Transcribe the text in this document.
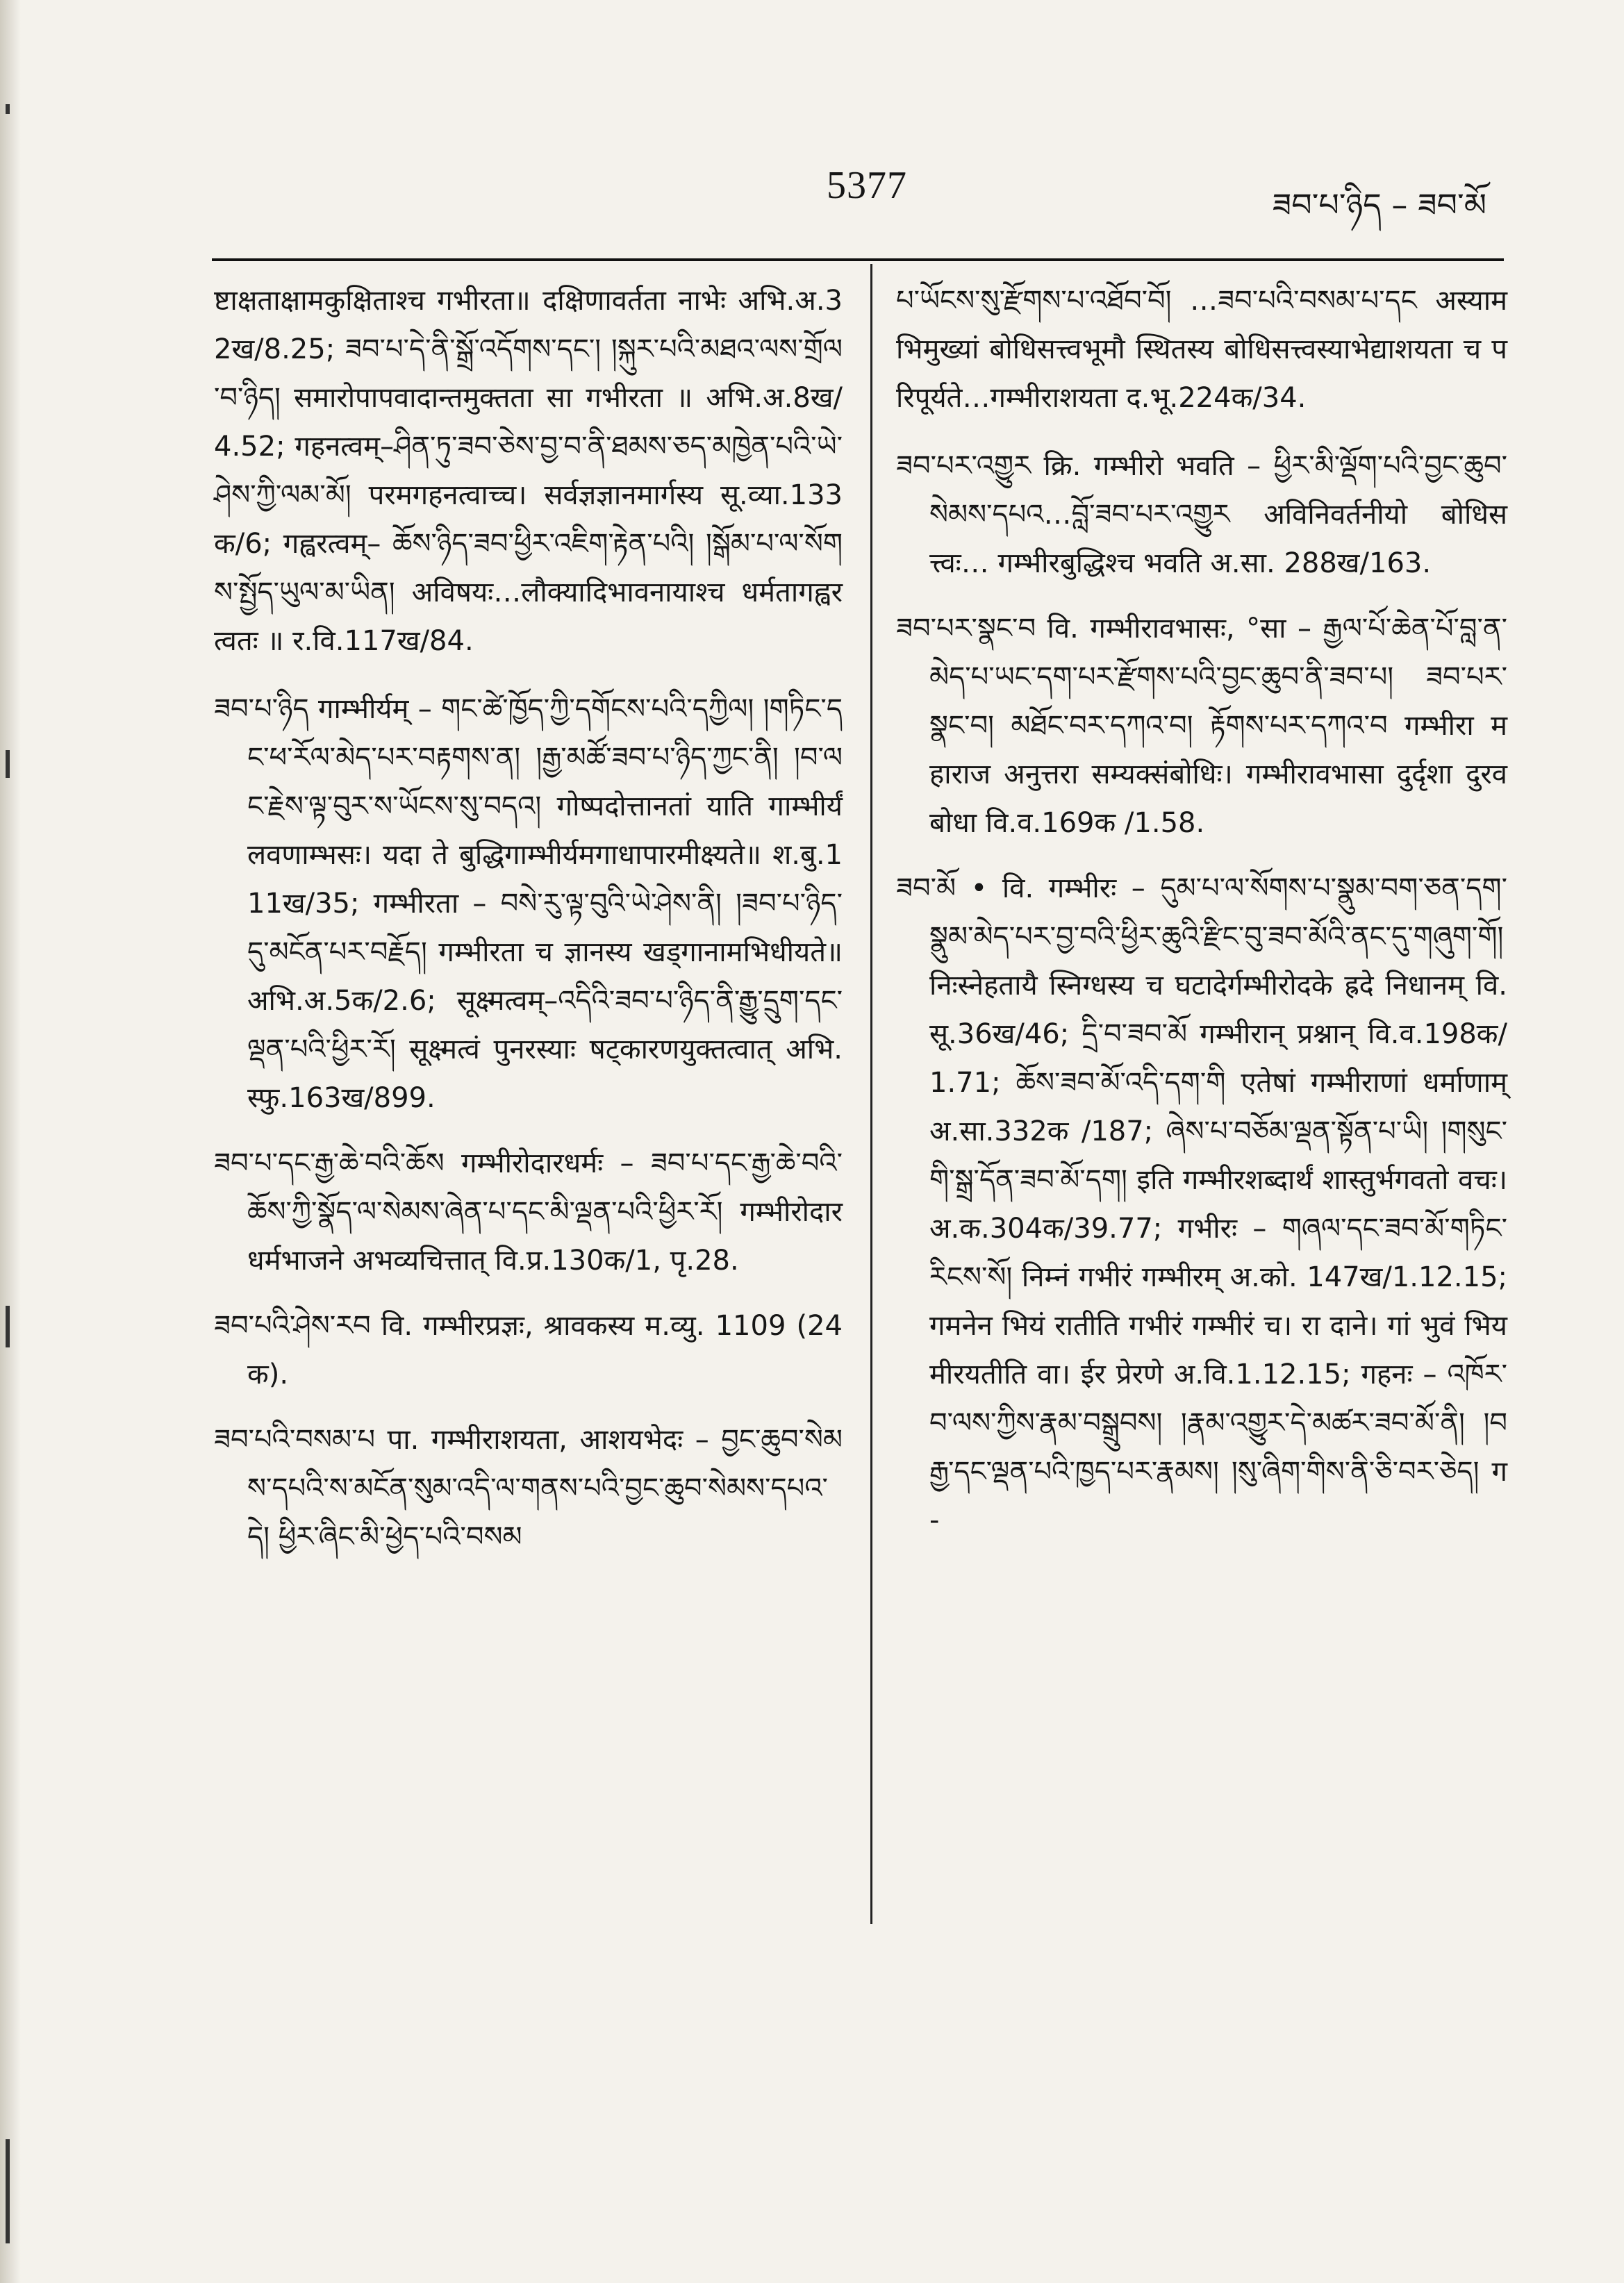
5377	ཟབ་པ་ཉིད – ཟབ་མོ

ष्टाक्षताक्षामकुक्षिताश्च गभीरता॥ दक्षिणावर्तता नाभेः अभि.अ.32ख/8.25; ཟབ་པ་དེ་ནི་སྒྲོ་འདོགས་དང་། །སྐུར་པའི་མཐའ་ལས་གྲོལ་བ་ཉིད། समारोपापवादान्तमुक्तता सा गभीरता ॥ अभि.अ.8ख/4.52; गहनत्वम्–ཤིན་ཏུ་ཟབ་ཅེས་བྱ་བ་ནི་ཐམས་ཅད་མཁྱེན་པའི་ཡེ་ཤེས་ཀྱི་ལམ་མོ། परमगहनत्वाच्च। सर्वज्ञज्ञानमार्गस्य सू.व्या.133क/6; गह्वरत्वम्– ཆོས་ཉིད་ཟབ་ཕྱིར་འཇིག་རྟེན་པའི། །སྒོམ་པ་ལ་སོགས་སྤྱོད་ཡུལ་མ་ཡིན། अविषयः…लौक्यादिभावनायाश्च धर्मतागह्वरत्वतः ॥ र.वि.117ख/84.

ཟབ་པ་ཉིད गाम्भीर्यम् – གང་ཚེ་ཁྱོད་ཀྱི་དགོངས་པའི་དཀྱིལ། །གཏིང་དང་ཕ་རོལ་མེད་པར་བརྟགས་ན། །རྒྱ་མཚོ་ཟབ་པ་ཉིད་ཀྱང་ནི། །བ་ལང་རྗེས་ལྟ་བུར་ས་ཡོངས་སུ་བདའ། गोष्पदोत्तानतां याति गाम्भीर्यं लवणाम्भसः। यदा ते बुद्धिगाम्भीर्यमगाधापारमीक्ष्यते॥ श.बु.111ख/35; गम्भीरता – བསེ་རུ་ལྟ་བུའི་ཡེ་ཤེས་ནི། །ཟབ་པ་ཉིད་དུ་མངོན་པར་བརྗོད། गम्भीरता च ज्ञानस्य खड्गानामभिधीयते॥ अभि.अ.5क/2.6; सूक्ष्मत्वम्–འདིའི་ཟབ་པ་ཉིད་ནི་རྒྱུ་དྲུག་དང་ལྡན་པའི་ཕྱིར་རོ། सूक्ष्मत्वं पुनरस्याः षट्कारणयुक्तत्वात् अभि.स्फु.163ख/899.

ཟབ་པ་དང་རྒྱ་ཆེ་བའི་ཆོས गम्भीरोदारधर्मः – ཟབ་པ་དང་རྒྱ་ཆེ་བའི་ཆོས་ཀྱི་སྣོད་ལ་སེམས་ཞེན་པ་དང་མི་ལྡན་པའི་ཕྱིར་རོ། गम्भीरोदारधर्मभाजने अभव्यचित्तात् वि.प्र.130क/1, पृ.28.

ཟབ་པའི་ཤེས་རབ वि. गम्भीरप्रज्ञः, श्रावकस्य म.व्यु. 1109 (24क).

ཟབ་པའི་བསམ་པ पा. गम्भीराशयता, आशयभेदः – བྱང་ཆུབ་སེམས་དཔའི་ས་མངོན་སུམ་འདི་ལ་གནས་པའི་བྱང་ཆུབ་སེམས་དཔའ་དེ། ཕྱིར་ཞིང་མི་ཕྱེད་པའི་བསམ

པ་ཡོངས་སུ་རྫོགས་པ་འཐོབ་བོ། …ཟབ་པའི་བསམ་པ་དང अस्यामभिमुख्यां बोधिसत्त्वभूमौ स्थितस्य बोधिसत्त्वस्याभेद्याशयता च परिपूर्यते…गम्भीराशयता द.भू.224क/34.

ཟབ་པར་འགྱུར क्रि. गम्भीरो भवति – ཕྱིར་མི་ལྡོག་པའི་བྱང་ཆུབ་སེམས་དཔའ…བློ་ཟབ་པར་འགྱུར अविनिवर्तनीयो बोधिसत्त्वः… गम्भीरबुद्धिश्च भवति अ.सा. 288ख/163.

ཟབ་པར་སྣང་བ वि. गम्भीरावभासः, °सा – རྒྱལ་པོ་ཆེན་པོ་བླ་ན་མེད་པ་ཡང་དག་པར་རྫོགས་པའི་བྱང་ཆུབ་ནི་ཟབ་པ། ཟབ་པར་སྣང་བ། མཐོང་བར་དཀའ་བ། རྟོགས་པར་དཀའ་བ गम्भीरा महाराज अनुत्तरा सम्यक्संबोधिः। गम्भीरावभासा दुर्दृशा दुरवबोधा वि.व.169क /1.58.

ཟབ་མོ • वि. गम्भीरः – དུམ་པ་ལ་སོགས་པ་སྣུམ་བག་ཅན་དག་སྣུམ་མེད་པར་བྱ་བའི་ཕྱིར་ཆུའི་རྫིང་བུ་ཟབ་མོའི་ནང་དུ་གཞུག་གོ། निःस्नेहतायै स्निग्धस्य च घटादेर्गम्भीरोदके ह्रदे निधानम् वि.सू.36ख/46; དྲི་བ་ཟབ་མོ गम्भीरान् प्रश्नान् वि.व.198क/1.71; ཆོས་ཟབ་མོ་འདི་དག་གི एतेषां गम्भीराणां धर्माणाम् अ.सा.332क /187; ཞེས་པ་བཅོམ་ལྡན་སྟོན་པ་ཡི། །གསུང་གི་སྒྲ་དོན་ཟབ་མོ་དག། इति गम्भीरशब्दार्थं शास्तुर्भगवतो वचः। अ.क.304क/39.77; गभीरः – གཞལ་དང་ཟབ་མོ་གཏིང་རིངས་སོ། निम्नं गभीरं गम्भीरम् अ.को. 147ख/1.12.15; गमनेन भियं रातीति गभीरं गम्भीरं च। रा दाने। गां भुवं भियमीरयतीति वा। ईर प्रेरणे अ.वि.1.12.15; गहनः – འཁོར་བ་ལས་ཀྱིས་རྣམ་བསྒྲུབས། །རྣམ་འགྱུར་དེ་མཚར་ཟབ་མོ་ནི། །བརྒྱ་དང་ལྡན་པའི་ཁྱད་པར་རྣམས། །སུ་ཞིག་གིས་ནི་ཅི་བར་ཅེད། ग-
